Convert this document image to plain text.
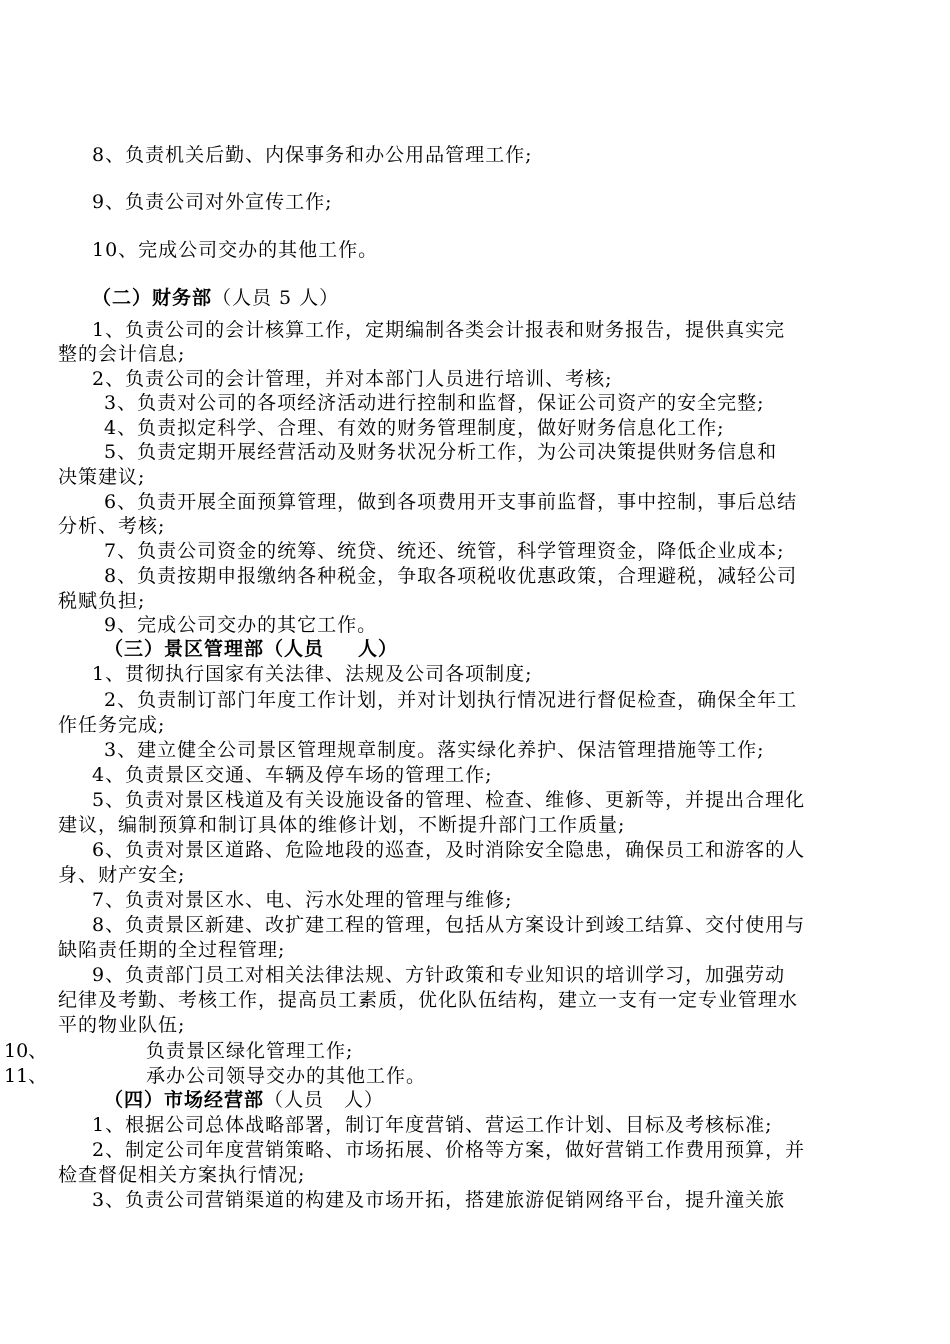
8、负责机关后勤、内保事务和办公用品管理工作;
9、负责公司对外宣传工作;
10、完成公司交办的其他工作。
（二）财务部（人员 5 人）
1、负责公司的会计核算工作，定期编制各类会计报表和财务报告，提供真实完
整的会计信息;
2、负责公司的会计管理，并对本部门人员进行培训、考核;
3、负责对公司的各项经济活动进行控制和监督，保证公司资产的安全完整;
4、负责拟定科学、合理、有效的财务管理制度，做好财务信息化工作;
5、负责定期开展经营活动及财务状况分析工作，为公司决策提供财务信息和
决策建议;
6、负责开展全面预算管理，做到各项费用开支事前监督，事中控制，事后总结
分析、考核;
7、负责公司资金的统筹、统贷、统还、统管，科学管理资金，降低企业成本;
8、负责按期申报缴纳各种税金，争取各项税收优惠政策，合理避税，减轻公司
税赋负担;
9、完成公司交办的其它工作。
（三）景区管理部（人员 人）
1、贯彻执行国家有关法律、法规及公司各项制度;
2、负责制订部门年度工作计划，并对计划执行情况进行督促检查，确保全年工
作任务完成;
3、建立健全公司景区管理规章制度。落实绿化养护、保洁管理措施等工作;
4、负责景区交通、车辆及停车场的管理工作;
5、负责对景区栈道及有关设施设备的管理、检查、维修、更新等，并提出合理化
建议，编制预算和制订具体的维修计划，不断提升部门工作质量;
6、负责对景区道路、危险地段的巡查，及时消除安全隐患，确保员工和游客的人
身、财产安全;
7、负责对景区水、电、污水处理的管理与维修;
8、负责景区新建、改扩建工程的管理，包括从方案设计到竣工结算、交付使用与
缺陷责任期的全过程管理;
9、负责部门员工对相关法律法规、方针政策和专业知识的培训学习，加强劳动
纪律及考勤、考核工作，提高员工素质，优化队伍结构，建立一支有一定专业管理水
平的物业队伍;
10、	负责景区绿化管理工作;
11、	承办公司领导交办的其他工作。
（四）市场经营部（人员　人）
1、根据公司总体战略部署，制订年度营销、营运工作计划、目标及考核标准;
2、制定公司年度营销策略、市场拓展、价格等方案，做好营销工作费用预算，并
检查督促相关方案执行情况;
3、负责公司营销渠道的构建及市场开拓，搭建旅游促销网络平台，提升潼关旅
